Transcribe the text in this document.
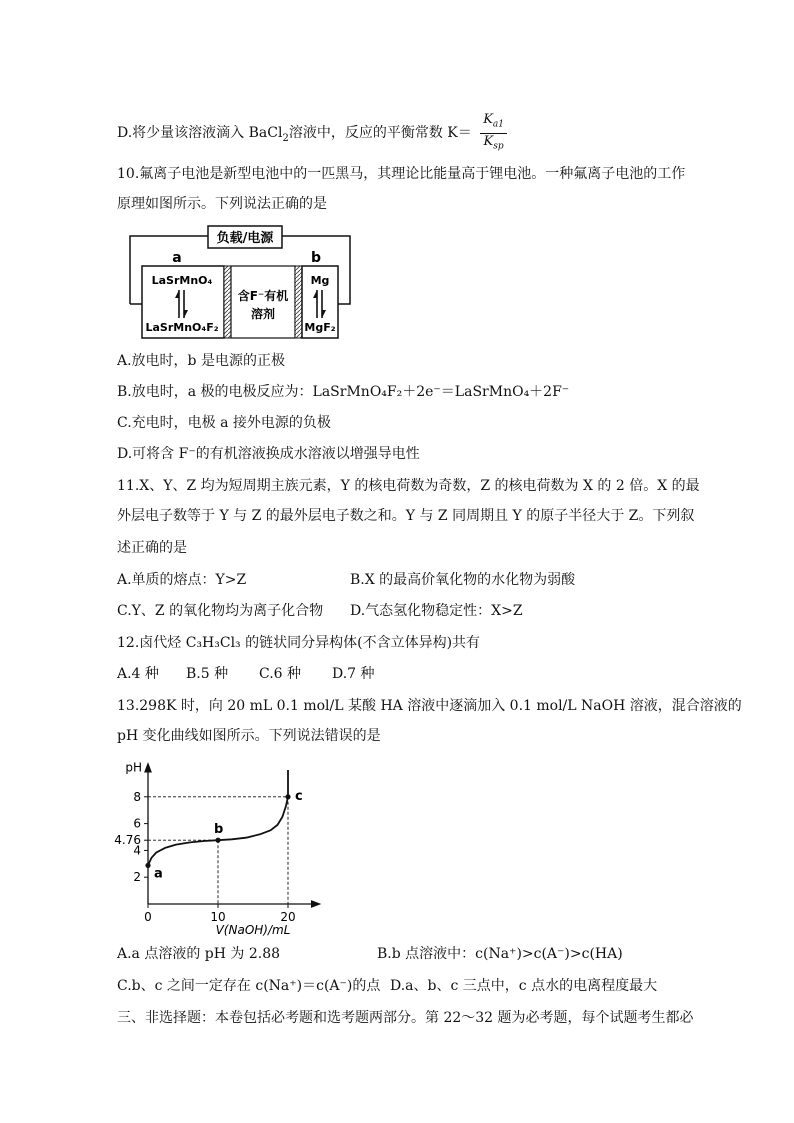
D.将少量该溶液滴入 BaCl$_2$溶液中，反应的平衡常数 $K= \frac{K_{a1}}{K_{sp}}$
10.氟离子电池是新型电池中的一匹黑马，其理论比能量高于锂电池。一种氟离子电池的工作
原理如图所示。下列说法正确的是
负载/电源
a	b
LaSrMnO₄
LaSrMnO₄F₂
含F⁻有机
溶剂
Mg
MgF₂
A.放电时，b 是电源的正极
B.放电时，a 极的电极反应为：LaSrMnO₄F₂＋2e⁻＝LaSrMnO₄＋2F⁻
C.充电时，电极 a 接外电源的负极
D.可将含 F⁻的有机溶液换成水溶液以增强导电性
11.X、Y、Z 均为短周期主族元素，Y 的核电荷数为奇数，Z 的核电荷数为 X 的 2 倍。X 的最
外层电子数等于 Y 与 Z 的最外层电子数之和。Y 与 Z 同周期且 Y 的原子半径大于 Z。下列叙
述正确的是
A.单质的熔点：Y>Z	B.X 的最高价氧化物的水化物为弱酸
C.Y、Z 的氧化物均为离子化合物 D.气态氢化物稳定性：X>Z
12.卤代烃 C₃H₃Cl₃ 的链状同分异构体(不含立体异构)共有
A.4 种 B.5 种 C.6 种 D.7 种
13.298K 时，向 20 mL 0.1 mol/L 某酸 HA 溶液中逐滴加入 0.1 mol/L NaOH 溶液，混合溶液的
pH 变化曲线如图所示。下列说法错误的是
pH
V(NaOH)/mL
2
4
4.76
6
8
0	10	20
a
b
c
A.a 点溶液的 pH 为 2.88	B.b 点溶液中：c(Na⁺)>c(A⁻)>c(HA)
C.b、c 之间一定存在 c(Na⁺)＝c(A⁻)的点 D.a、b、c 三点中，c 点水的电离程度最大
三、非选择题：本卷包括必考题和选考题两部分。第 22～32 题为必考题，每个试题考生都必
